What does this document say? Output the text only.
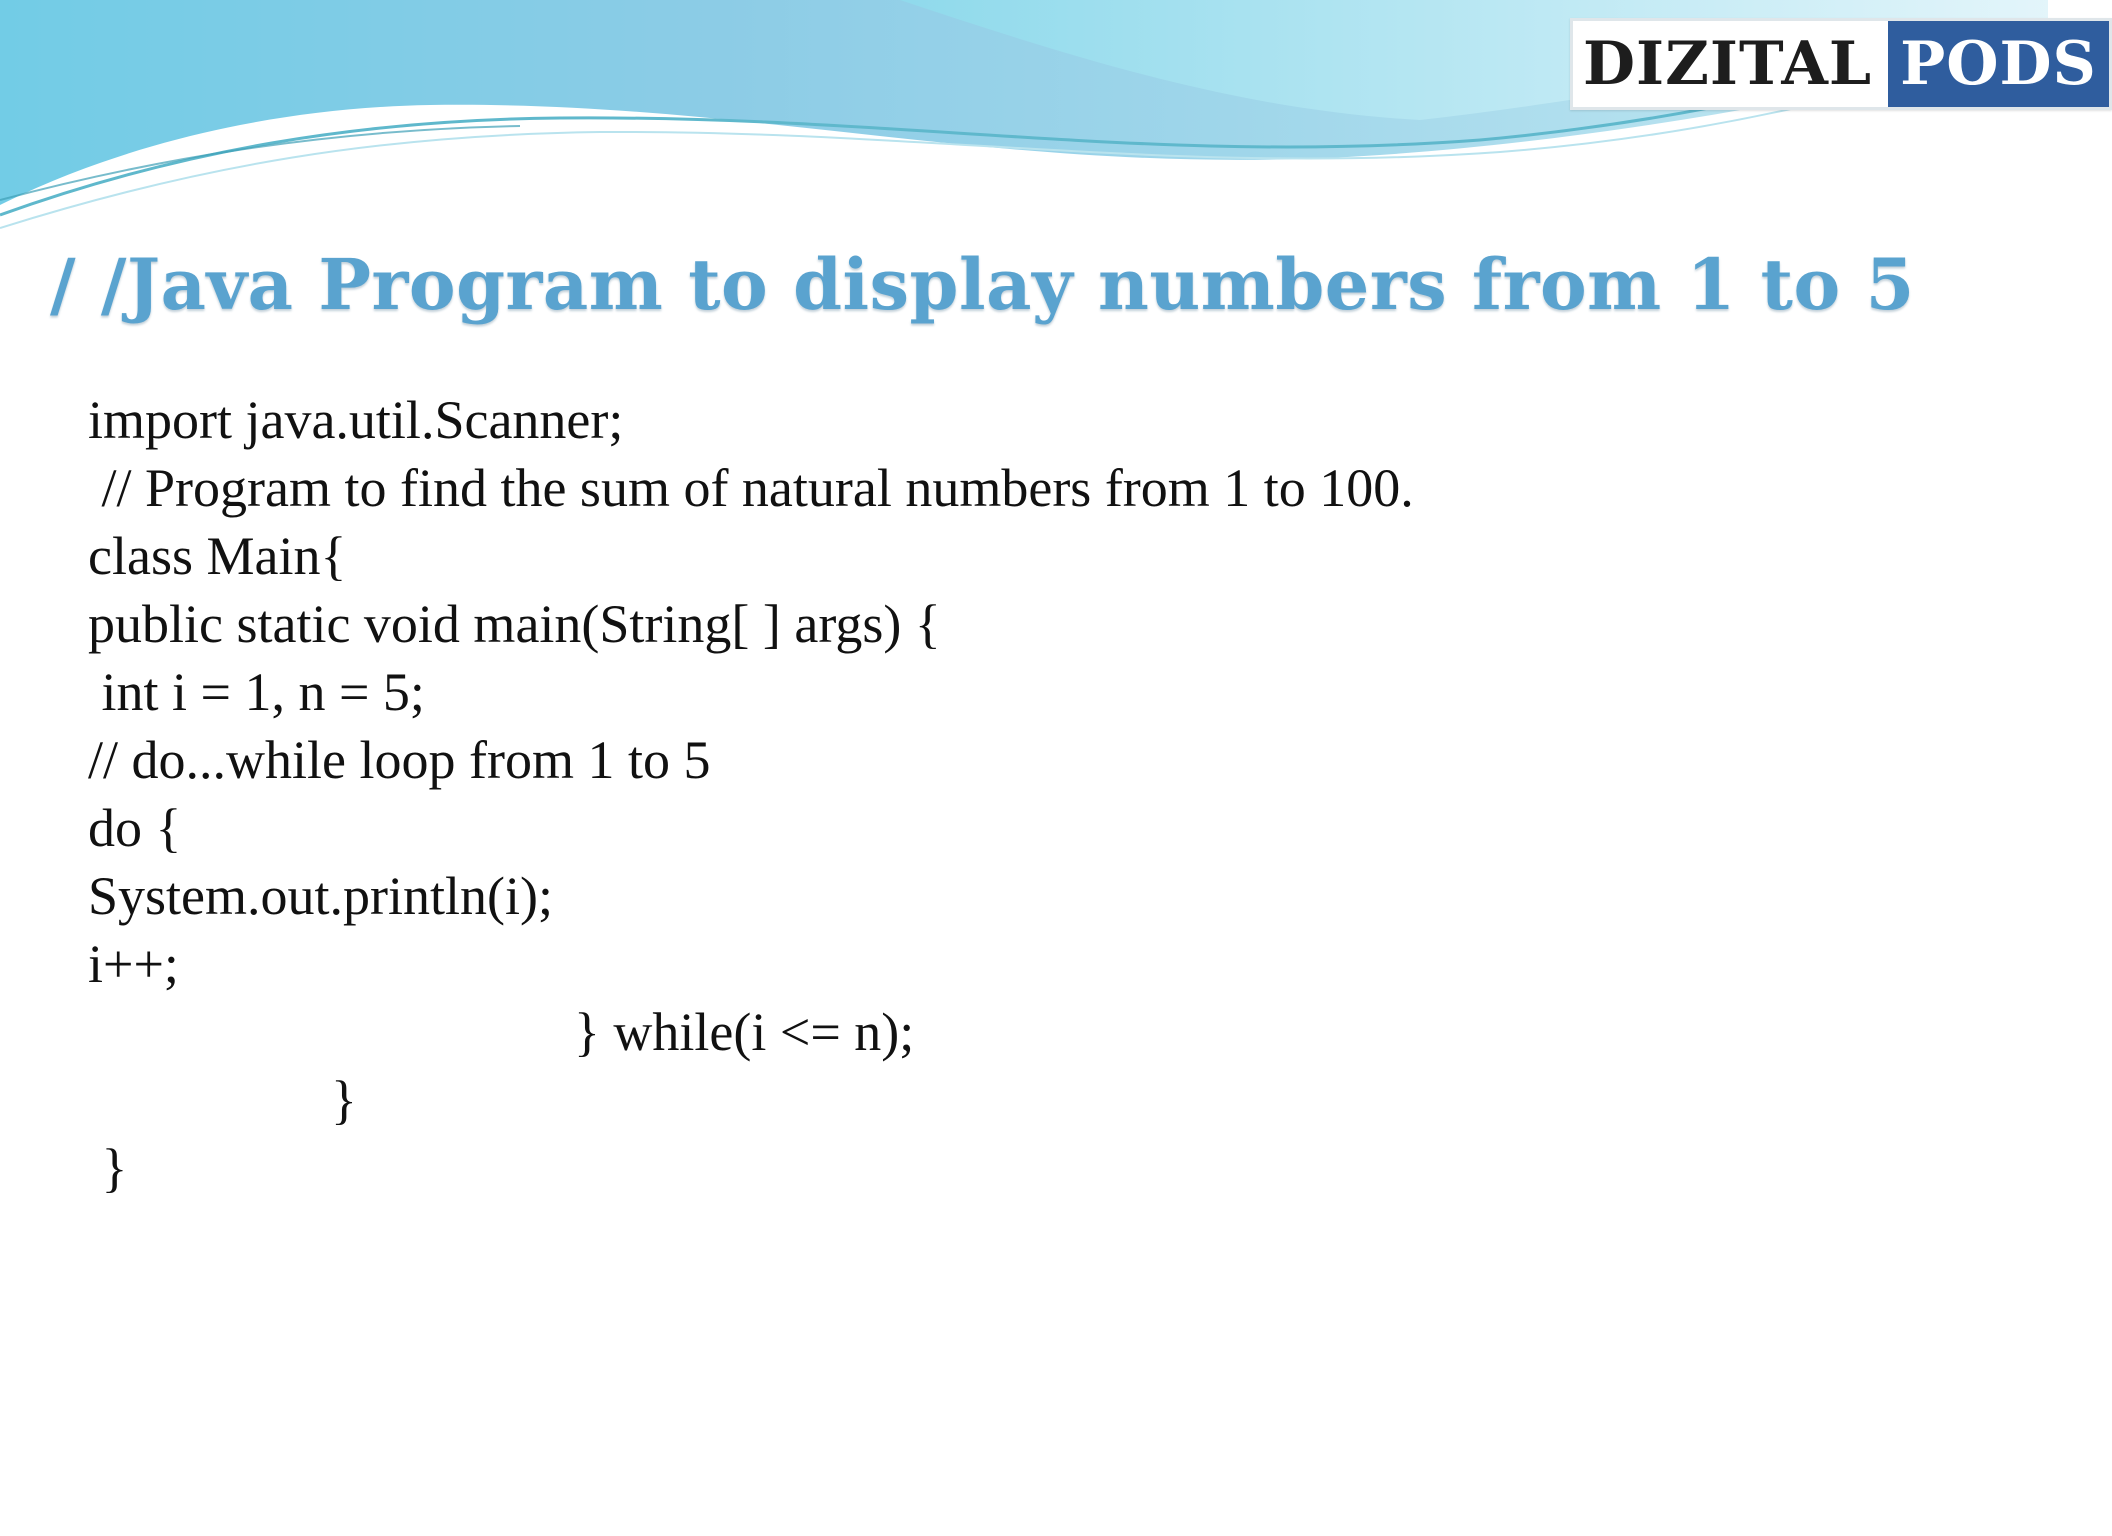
DIZITAL PODS
/ /Java Program to display numbers from 1 to 5
import java.util.Scanner;
// Program to find the sum of natural numbers from 1 to 100.
class Main{
public static void main(String[ ] args) {
int i = 1, n = 5;
// do...while loop from 1 to 5
do {
System.out.println(i);
i++;
} while(i <= n);
}
}
